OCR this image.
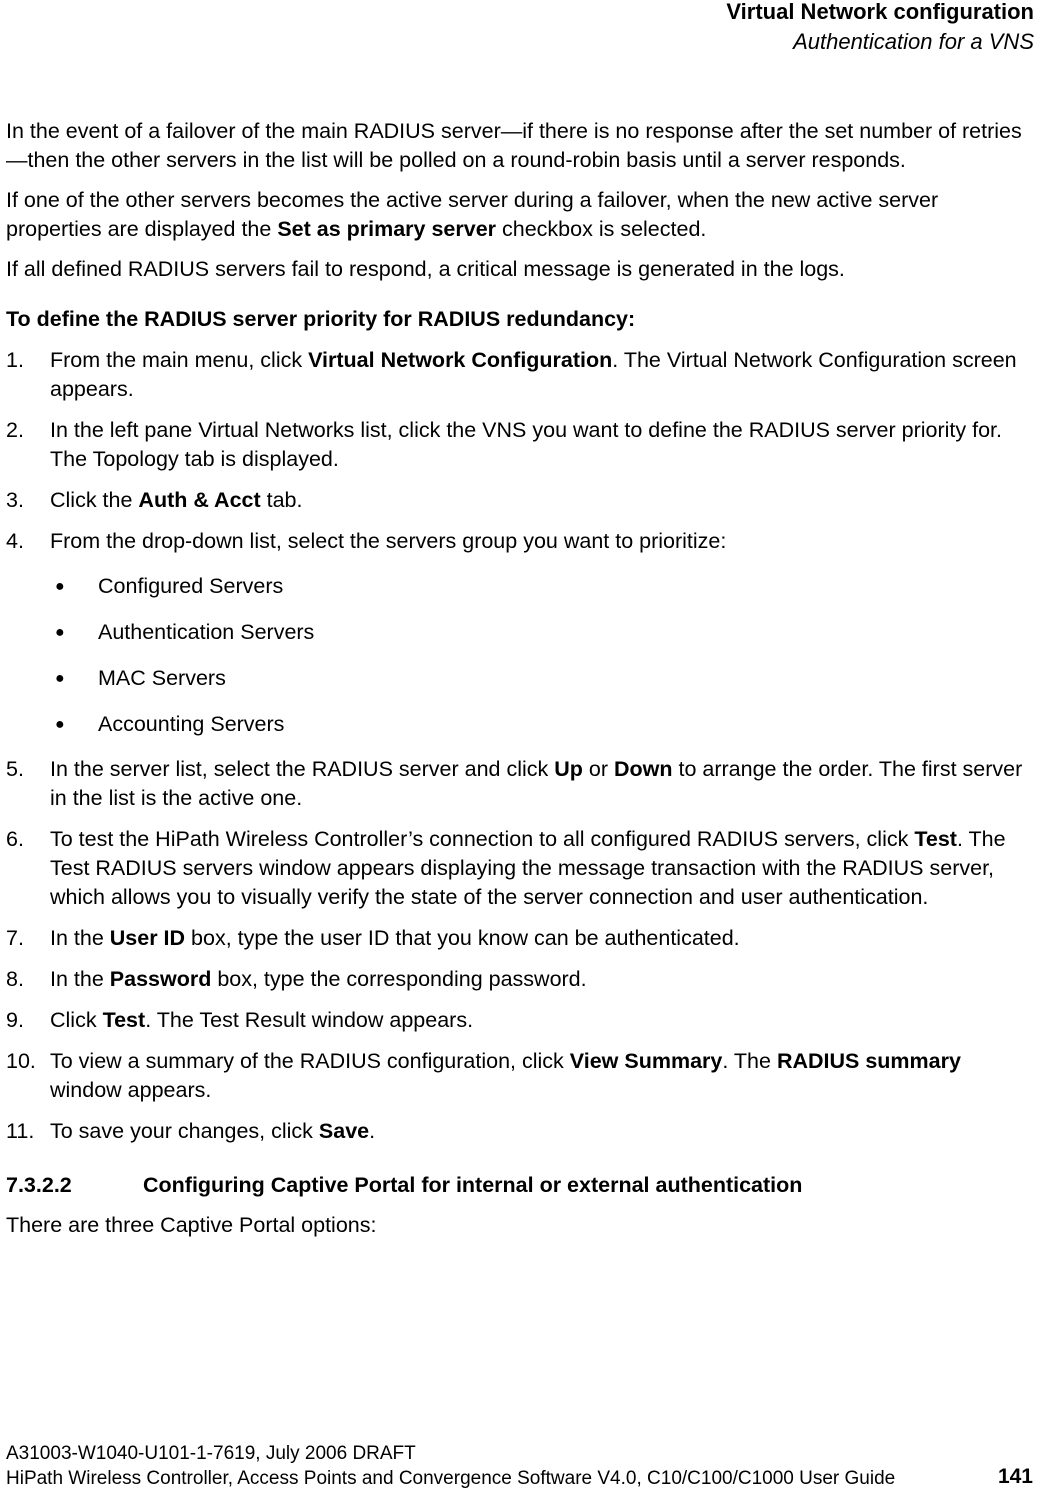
Virtual Network configuration
Authentication for a VNS

In the event of a failover of the main RADIUS server—if there is no response after the set number of retries—then the other servers in the list will be polled on a round-robin basis until a server responds.

If one of the other servers becomes the active server during a failover, when the new active server properties are displayed the Set as primary server checkbox is selected.

If all defined RADIUS servers fail to respond, a critical message is generated in the logs.

To define the RADIUS server priority for RADIUS redundancy:

1. From the main menu, click Virtual Network Configuration. The Virtual Network Configuration screen appears.
2. In the left pane Virtual Networks list, click the VNS you want to define the RADIUS server priority for. The Topology tab is displayed.
3. Click the Auth & Acct tab.
4. From the drop-down list, select the servers group you want to prioritize:
● Configured Servers
● Authentication Servers
● MAC Servers
● Accounting Servers
5. In the server list, select the RADIUS server and click Up or Down to arrange the order. The first server in the list is the active one.
6. To test the HiPath Wireless Controller’s connection to all configured RADIUS servers, click Test. The Test RADIUS servers window appears displaying the message transaction with the RADIUS server, which allows you to visually verify the state of the server connection and user authentication.
7. In the User ID box, type the user ID that you know can be authenticated.
8. In the Password box, type the corresponding password.
9. Click Test. The Test Result window appears.
10. To view a summary of the RADIUS configuration, click View Summary. The RADIUS summary window appears.
11. To save your changes, click Save.
7.3.2.2	Configuring Captive Portal for internal or external authentication

There are three Captive Portal options:

A31003-W1040-U101-1-7619, July 2006 DRAFT
HiPath Wireless Controller, Access Points and Convergence Software V4.0, C10/C100/C1000 User Guide	141
